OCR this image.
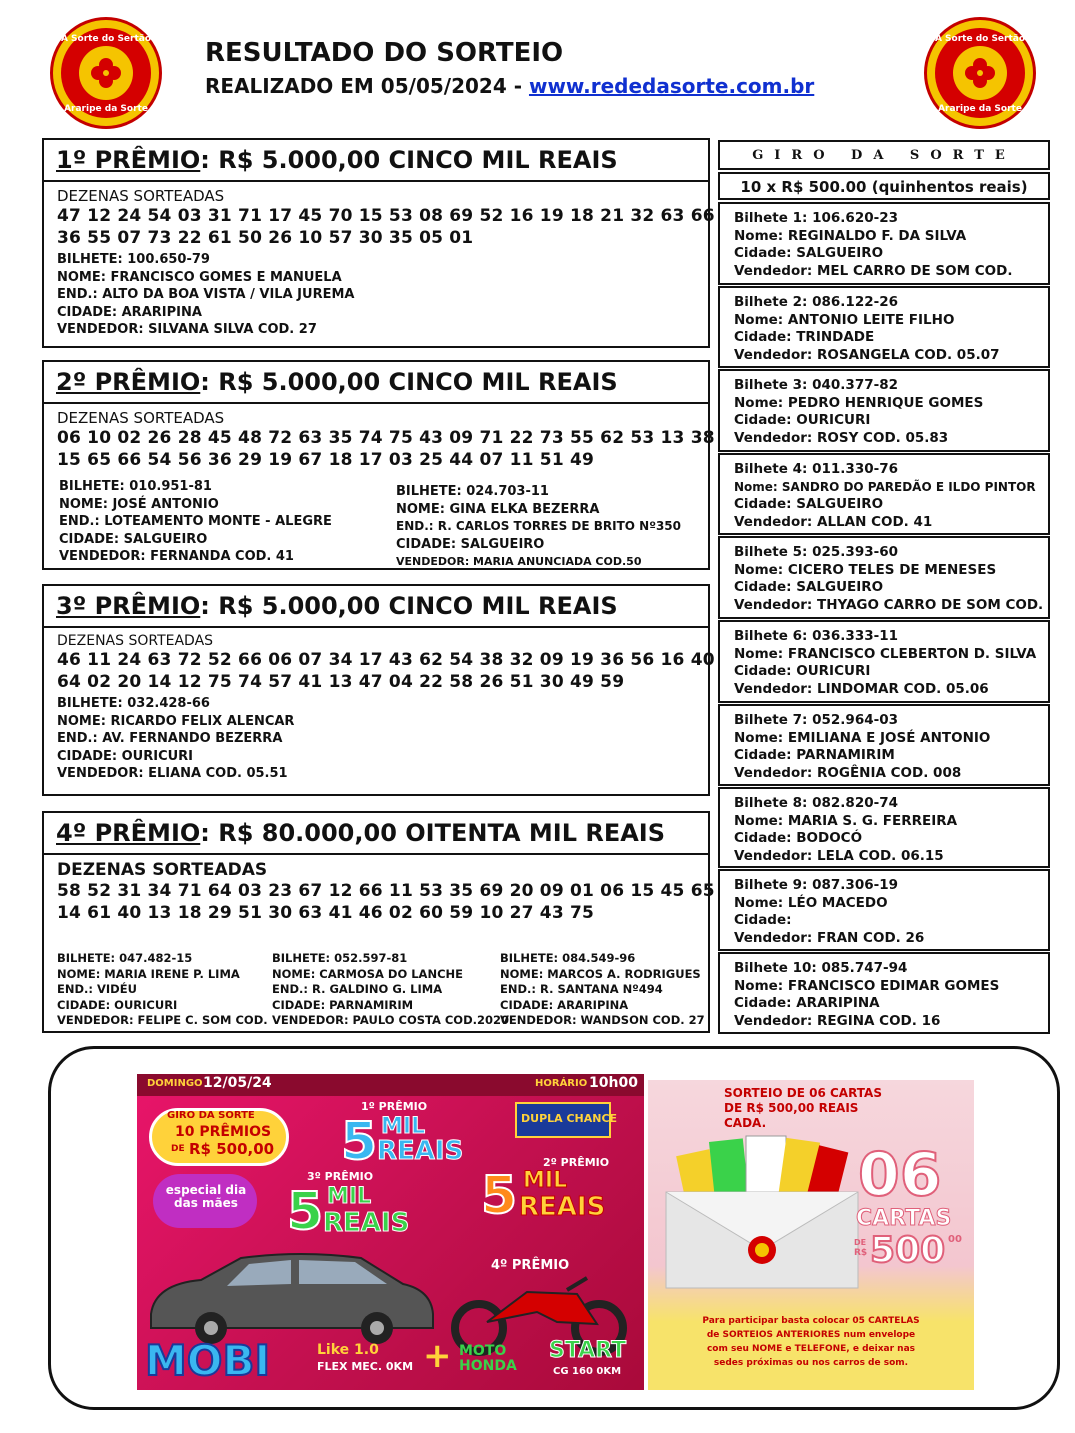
A Sorte do Sertão
Araripe da Sorte
A Sorte do Sertão
Araripe da Sorte
RESULTADO DO SORTEIO
REALIZADO EM 05/05/2024 - www.rededasorte.com.br
1º PRÊMIO: R$ 5.000,00 CINCO MIL REAIS
DEZENAS SORTEADAS
47 12 24 54 03 31 71 17 45 70 15 53 08 69 52 16 19 18 21 32 63 66
36 55 07 73 22 61 50 26 10 57 30 35 05 01
BILHETE: 100.650-79
NOME: FRANCISCO GOMES E MANUELA
END.: ALTO DA BOA VISTA / VILA JUREMA
CIDADE: ARARIPINA
VENDEDOR: SILVANA SILVA COD. 27
2º PRÊMIO: R$ 5.000,00 CINCO MIL REAIS
DEZENAS SORTEADAS
06 10 02 26 28 45 48 72 63 35 74 75 43 09 71 22 73 55 62 53 13 38
15 65 66 54 56 36 29 19 67 18 17 03 25 44 07 11 51 49
BILHETE: 010.951-81
NOME: JOSÉ ANTONIO
END.: LOTEAMENTO MONTE - ALEGRE
CIDADE: SALGUEIRO
VENDEDOR: FERNANDA COD. 41
BILHETE: 024.703-11
NOME: GINA ELKA BEZERRA
END.: R. CARLOS TORRES DE BRITO Nº350
CIDADE: SALGUEIRO
VENDEDOR: MARIA ANUNCIADA COD.50
3º PRÊMIO: R$ 5.000,00 CINCO MIL REAIS
DEZENAS SORTEADAS
46 11 24 63 72 52 66 06 07 34 17 43 62 54 38 32 09 19 36 56 16 40
64 02 20 14 12 75 74 57 41 13 47 04 22 58 26 51 30 49 59
BILHETE: 032.428-66
NOME: RICARDO FELIX ALENCAR
END.: AV. FERNANDO BEZERRA
CIDADE: OURICURI
VENDEDOR: ELIANA COD. 05.51
4º PRÊMIO: R$ 80.000,00 OITENTA MIL REAIS
DEZENAS SORTEADAS
58 52 31 34 71 64 03 23 67 12 66 11 53 35 69 20 09 01 06 15 45 65
14 61 40 13 18 29 51 30 63 41 46 02 60 59 10 27 43 75
BILHETE: 047.482-15
NOME: MARIA IRENE P. LIMA
END.: VIDÉU
CIDADE: OURICURI
VENDEDOR: FELIPE C. SOM COD.
BILHETE: 052.597-81
NOME: CARMOSA DO LANCHE
END.: R. GALDINO G. LIMA
CIDADE: PARNAMIRIM
VENDEDOR: PAULO COSTA COD.2020
BILHETE: 084.549-96
NOME: MARCOS A. RODRIGUES
END.: R. SANTANA Nº494
CIDADE: ARARIPINA
VENDEDOR: WANDSON COD. 27
GIRO DA SORTE
10 x R$ 500.00 (quinhentos reais)
Bilhete 1: 106.620-23
Nome: REGINALDO F. DA SILVA
Cidade: SALGUEIRO
Vendedor: MEL CARRO DE SOM COD.
Bilhete 2: 086.122-26
Nome: ANTONIO LEITE FILHO
Cidade: TRINDADE
Vendedor: ROSANGELA COD. 05.07
Bilhete 3: 040.377-82
Nome: PEDRO HENRIQUE GOMES
Cidade: OURICURI
Vendedor: ROSY COD. 05.83
Bilhete 4: 011.330-76
Nome: SANDRO DO PAREDÃO E ILDO PINTOR
Cidade: SALGUEIRO
Vendedor: ALLAN COD. 41
Bilhete 5: 025.393-60
Nome: CICERO TELES DE MENESES
Cidade: SALGUEIRO
Vendedor: THYAGO CARRO DE SOM COD.
Bilhete 6: 036.333-11
Nome: FRANCISCO CLEBERTON D. SILVA
Cidade: OURICURI
Vendedor: LINDOMAR COD. 05.06
Bilhete 7: 052.964-03
Nome: EMILIANA E JOSÉ ANTONIO
Cidade: PARNAMIRIM
Vendedor: ROGÊNIA COD. 008
Bilhete 8: 082.820-74
Nome: MARIA S. G. FERREIRA
Cidade: BODOCÓ
Vendedor: LELA COD. 06.15
Bilhete 9: 087.306-19
Nome: LÉO MACEDO
Cidade:
Vendedor: FRAN COD. 26
Bilhete 10: 085.747-94
Nome: FRANCISCO EDIMAR GOMES
Cidade: ARARIPINA
Vendedor: REGINA COD. 16
DOMINGO 12/05/24	HORÁRIO 10h00
GIRO DA SORTE
10 PRÊMIOS
DE R$ 500,00
especial dia das mães
1º PRÊMIO
5 MIL
REAIS
DUPLA CHANCE
3º PRÊMIO
5 MIL
REAIS
2º PRÊMIO
5 MIL
REAIS
4º PRÊMIO
MOBI	Like 1.0
FLEX MEC. 0KM + MOTO HONDA
START
CG 160 0KM
SORTEIO DE 06 CARTAS DE R$ 500,00 REAIS CADA.
06
CARTAS
DE
R$ 500 00
Para participar basta colocar 05 CARTELAS de SORTEIOS ANTERIORES num envelope com seu NOME e TELEFONE, e deixar nas sedes próximas ou nos carros de som.
